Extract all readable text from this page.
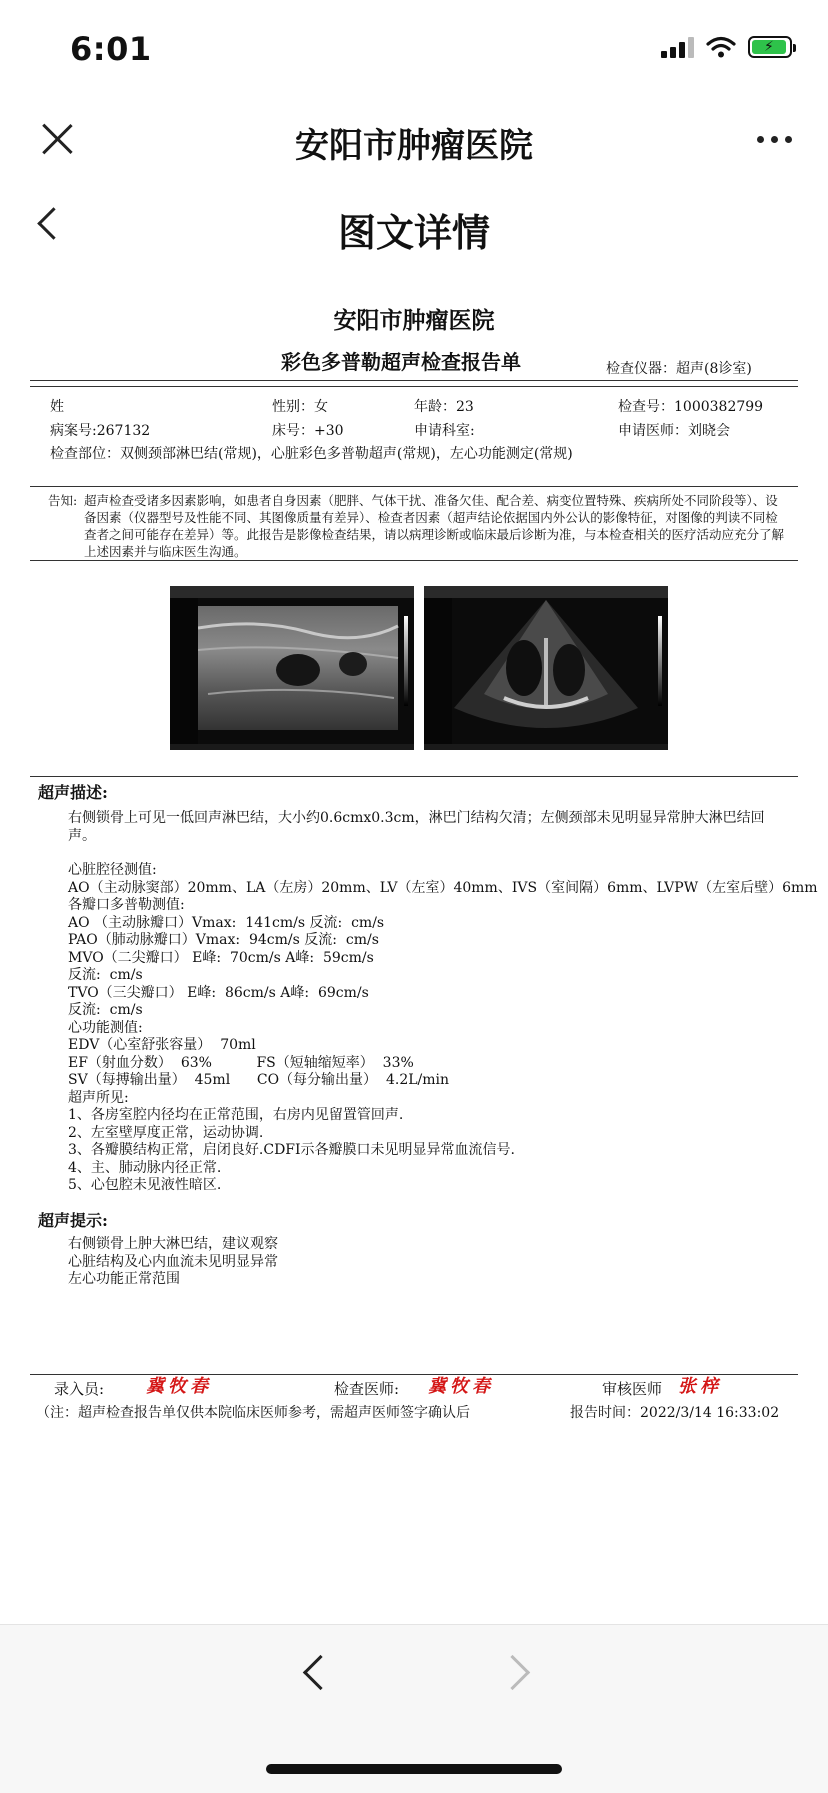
6:01	⚡
安阳市肿瘤医院
图文详情
安阳市肿瘤医院
彩色多普勒超声检查报告单	检查仪器：超声(8诊室)
姓	性别：女	年龄：23	检查号：1000382799
病案号:267132	床号：+30	申请科室:	申请医师：刘晓会
检查部位：双侧颈部淋巴结(常规)，心脏彩色多普勒超声(常规)，左心功能测定(常规)
告知: 超声检查受诸多因素影响，如患者自身因素（肥胖、气体干扰、准备欠佳、配合差、病变位置特殊、疾病所处不同阶段等）、设备因素（仪器型号及性能不同、其图像质量有差异）、检查者因素（超声结论依据国内外公认的影像特征，对图像的判读不同检查者之间可能存在差异）等。此报告是影像检查结果，请以病理诊断或临床最后诊断为准，与本检查相关的医疗活动应充分了解上述因素并与临床医生沟通。
超声描述:
右侧锁骨上可见一低回声淋巴结，大小约0.6cmx0.3cm，淋巴门结构欠清；左侧颈部未见明显异常肿大淋巴结回声。
心脏腔径测值:
AO（主动脉窦部）20mm、LA（左房）20mm、LV（左室）40mm、IVS（室间隔）6mm、LVPW（左室后壁）6mm
各瓣口多普勒测值:
AO （主动脉瓣口）Vmax:  141cm/s 反流:  cm/s
PAO（肺动脉瓣口）Vmax:  94cm/s 反流:  cm/s
MVO（二尖瓣口） E峰:  70cm/s A峰:  59cm/s
反流:  cm/s
TVO（三尖瓣口） E峰:  86cm/s A峰:  69cm/s
反流:  cm/s
心功能测值:
EDV（心室舒张容量）  70ml
EF（射血分数）  63%          FS（短轴缩短率）  33%
SV（每搏输出量）  45ml      CO（每分输出量）  4.2L/min
超声所见:
1、各房室腔内径均在正常范围，右房内见留置管回声.
2、左室壁厚度正常，运动协调.
3、各瓣膜结构正常，启闭良好.CDFI示各瓣膜口未见明显异常血流信号.
4、主、肺动脉内径正常.
5、心包腔未见液性暗区.
超声提示:
右侧锁骨上肿大淋巴结，建议观察
心脏结构及心内血流未见明显异常
左心功能正常范围
录入员: 冀牧春	检查医师: 冀牧春	审核医师 张梓
（注：超声检查报告单仅供本院临床医师参考，需超声医师签字确认后	报告时间：2022/3/14 16:33:02
